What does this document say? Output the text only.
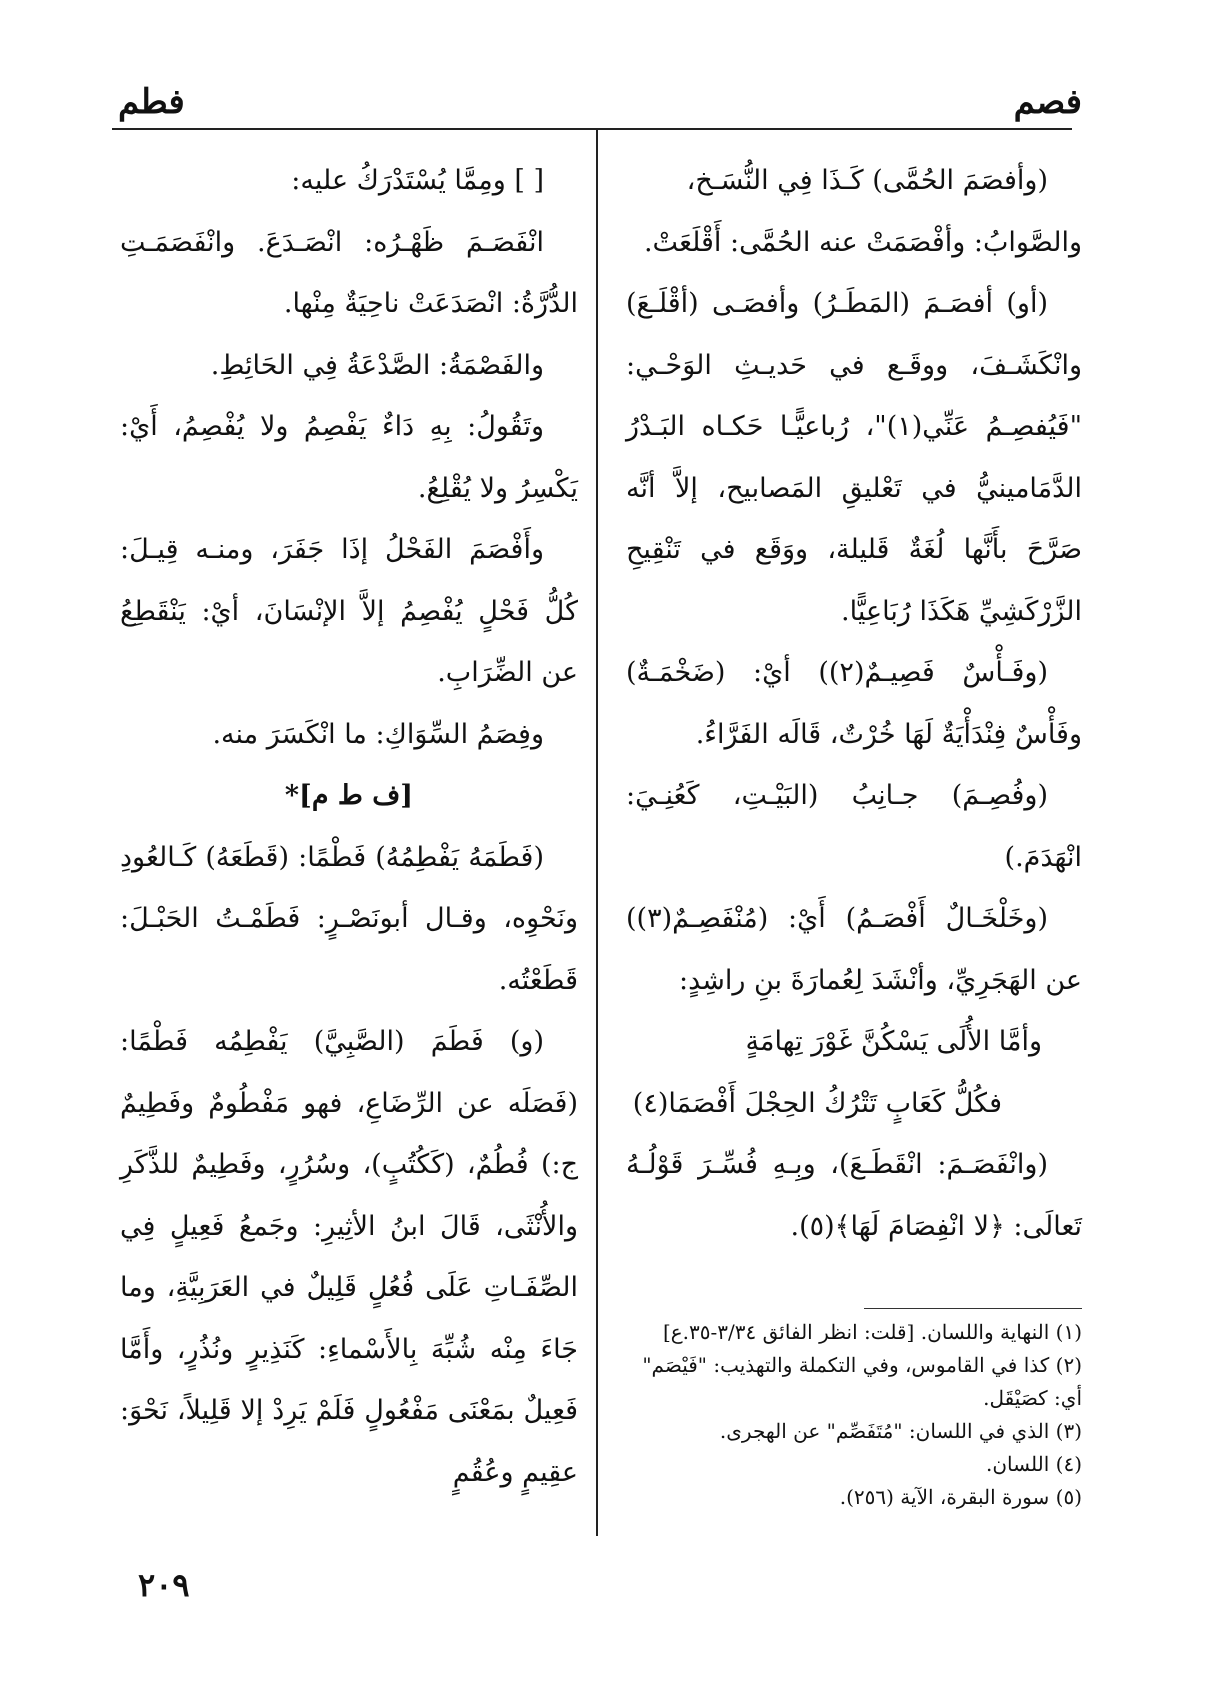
فصم
فطم

(وأفصَمَ الحُمَّى) كَـذَا فِي النُّسَـخ،

والصَّوابُ: وأفْصَمَتْ عنه الحُمَّى: أَقْلَعَتْ.

(أو) أفصَـمَ (المَطَـرُ) وأفصَـى (أقْلَـعَ) وانْكَشَـفَ، ووقَـع في حَديـثِ الوَحْـي: "فَيُفصِـمُ عَنِّي(١)"، رُباعيًّـا حَكـاه البَـدْرُ الدَّمَامينيُّ في تَعْليقِ المَصابيح، إلاَّ أنَّه صَرَّحَ بأَنَّها لُغَةٌ قَليلة، ووَقَع في تَنْقِيحِ الزَّرْكَشِيِّ هَكَذَا رُبَاعِيًّا.

(وفَـأْسٌ فَصِيـمٌ(٢)) أيْ: (ضَخْمَـةٌ) وفَأْسٌ فِنْدَأْيَةٌ لَهَا خُرْتٌ، قَالَه الفَرَّاءُ.

(وفُصِـمَ) جـانِبُ (البَيْـتِ، كَعُنِـيَ: انْهَدَمَ.)

(وخَلْخَـالٌ أَفْصَـمُ) أَيْ: (مُنْفَصِـمٌ(٣)) عن الهَجَرِيِّ، وأنْشَدَ لِعُمارَةَ بنِ راشِدٍ:

وأمَّا الأُلَى يَسْكُنَّ غَوْرَ تِهامَةٍ

فكُلُّ كَعَابٍ تَتْرُكُ الحِجْلَ أَفْصَمَا(٤)

(وانْفَصَـمَ: انْقَطَـعَ)، وبِـهِ فُسِّـرَ قَوْلُـهُ تَعالَى: ﴿لا انْفِصَامَ لَهَا﴾(٥).

(١) النهاية واللسان. [قلت: انظر الفائق ٣/٣٤-٣٥.ع]

(٢) كذا في القاموس، وفي التكملة والتهذيب: "فَيْصَم" أي: كصَيْقَل.

(٣) الذي في اللسان: "مُتَفَصِّم" عن الهجرى.

(٤) اللسان.

(٥) سورة البقرة، الآية (٢٥٦).

[ ] ومِمَّا يُسْتَدْرَكُ عليه:

انْفَصَـمَ ظَهْـرُه: انْصَـدَعَ. وانْفَصَمَـتِ الدُّرَّةُ: انْصَدَعَتْ ناحِيَةٌ مِنْها.

والفَصْمَةُ: الصَّدْعَةُ فِي الحَائِطِ.

وتَقُولُ: بِهِ دَاءٌ يَفْصِمُ ولا يُفْصِمُ، أَيْ: يَكْسِرُ ولا يُقْلِعُ.

وأَفْصَمَ الفَحْلُ إذَا جَفَرَ، ومنـه قِيـلَ: كُلُّ فَحْلٍ يُفْصِمُ إلاَّ الإنْسَانَ، أيْ: يَنْقَطِعُ عن الضِّرَابِ.

وفِصَمُ السِّوَاكِ: ما انْكَسَرَ منه.

[ف ط م]*

(فَطَمَهُ يَفْطِمُهُ) فَطْمًا: (قَطَعَهُ) كَـالعُودِ ونَحْوِه، وقـال أبونَصْـرٍ: فَطَمْـتُ الحَبْـلَ: قَطَعْتُه.

(و) فَطَمَ (الصَّبِيَّ) يَفْطِمُه فَطْمًا: (فَصَلَه عن الرِّضَاعِ، فهو مَفْطُومٌ وفَطِيمٌ ج:) فُطُمٌ، (كَكُتُبٍ)، وسُرُرٍ، وفَطِيمٌ للذَّكَرِ والأُنْثَى، قَالَ ابنُ الأثِيرِ: وجَمعُ فَعِيلٍ فِي الصِّفَـاتِ عَلَى فُعُلٍ قَلِيلٌ في العَرَبِيَّةِ، وما جَاءَ مِنْه شُبِّهَ بِالأَسْماءِ: كَنَذِيرٍ ونُذُرٍ، وأَمَّا فَعِيلٌ بمَعْنَى مَفْعُولٍ فَلَمْ يَرِدْ إلا قَلِيلاً، نَحْوَ: عقِيمٍ وعُقُمٍ

٢٠٩
